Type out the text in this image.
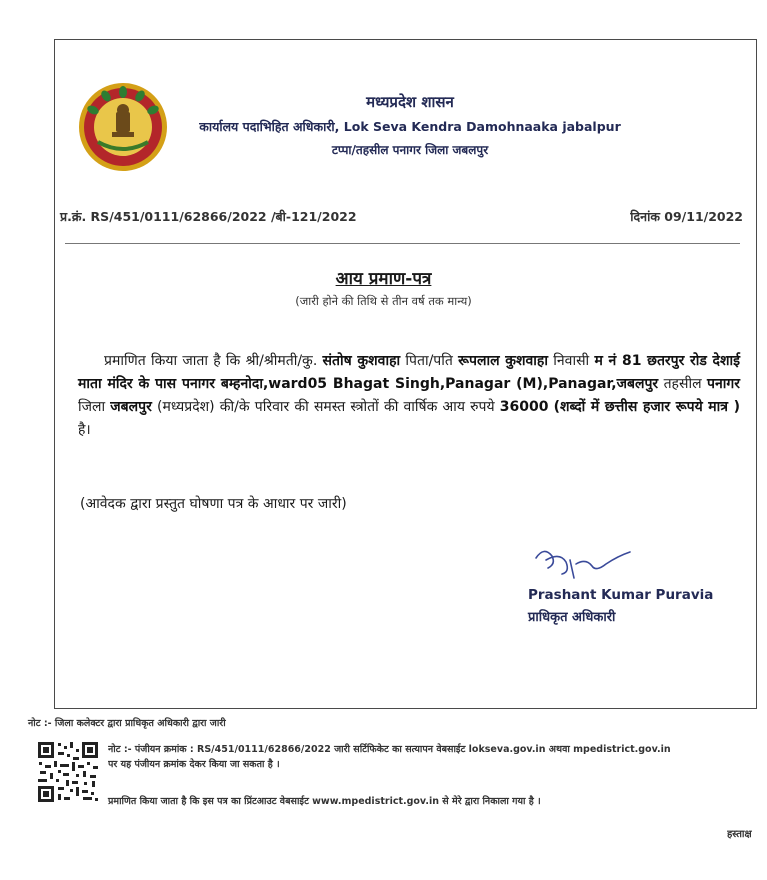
मध्यप्रदेश शासन
कार्यालय पदाभिहित अधिकारी, Lok Seva Kendra Damohnaaka jabalpur
टप्पा/तहसील पनागर जिला जबलपुर
प्र.क्रं. RS/451/0111/62866/2022 /बी-121/2022	दिनांक 09/11/2022
आय प्रमाण-पत्र
(जारी होने की तिथि से तीन वर्ष तक मान्य)
प्रमाणित किया जाता है कि श्री/श्रीमती/कु. संतोष कुशवाहा पिता/पति रूपलाल कुशवाहा निवासी म नं 81 छतरपुर रोड देशाई माता मंदिर के पास पनागर बम्हनोदा,ward05 Bhagat Singh,Panagar (M),Panagar,जबलपुर तहसील पनागर जिला जबलपुर (मध्यप्रदेश) की/के परिवार की समस्त स्त्रोतों की वार्षिक आय रुपये 36000 (शब्दों में छत्तीस हजार रूपये मात्र ) है।
(आवेदक द्वारा प्रस्तुत घोषणा पत्र के आधार पर जारी)
Prashant Kumar Puravia
प्राधिकृत अधिकारी
नोट :- जिला कलेक्टर द्वारा प्राधिकृत अधिकारी द्वारा जारी
नोट :- पंजीयन क्रमांक : RS/451/0111/62866/2022 जारी सर्टिफिकेट का सत्यापन वेबसाईट lokseva.gov.in अथवा mpedistrict.gov.in
पर यह पंजीयन क्रमांक देकर किया जा सकता है ।
प्रमाणित किया जाता है कि इस पत्र का प्रिंटआउट वेबसाईट www.mpedistrict.gov.in से मेरे द्वारा निकाला गया है ।
हस्ताक्ष
